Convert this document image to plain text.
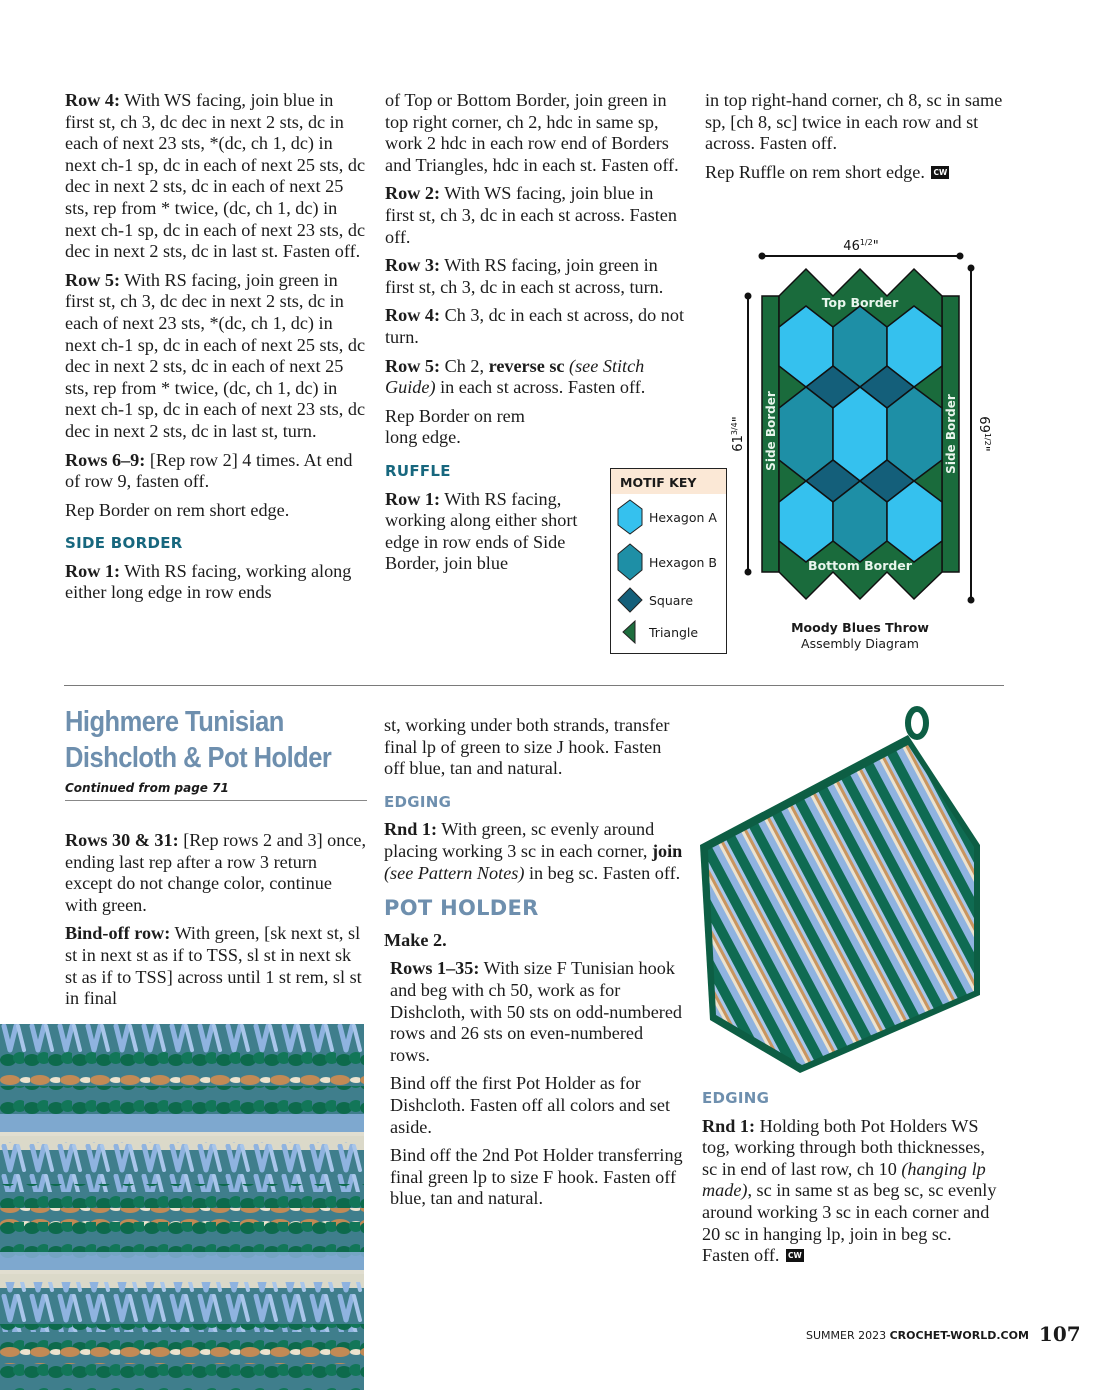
Row 4: With WS facing, join blue in first st, ch 3, dc dec in next 2 sts, dc in each of next 23 sts, *(dc, ch 1, dc) in next ch-1 sp, dc in each of next 25 sts, dc dec in next 2 sts, dc in each of next 25 sts, rep from * twice, (dc, ch 1, dc) in next ch-1 sp, dc in each of next 23 sts, dc dec in next 2 sts, dc in last st. Fasten off.

Row 5: With RS facing, join green in first st, ch 3, dc dec in next 2 sts, dc in each of next 23 sts, *(dc, ch 1, dc) in next ch-1 sp, dc in each of next 25 sts, dc dec in next 2 sts, dc in each of next 25 sts, rep from * twice, (dc, ch 1, dc) in next ch-1 sp, dc in each of next 23 sts, dc dec in next 2 sts, dc in last st, turn.

Rows 6–9: [Rep row 2] 4 times. At end of row 9, fasten off.

Rep Border on rem short edge.

SIDE BORDER

Row 1: With RS facing, working along either long edge in row ends

of Top or Bottom Border, join green in top right corner, ch 2, hdc in same sp, work 2 hdc in each row end of Borders and Triangles, hdc in each st. Fasten off.

Row 2: With WS facing, join blue in first st, ch 3, dc in each st across. Fasten off.

Row 3: With RS facing, join green in first st, ch 3, dc in each st across, turn.

Row 4: Ch 3, dc in each st across, do not turn.

Row 5: Ch 2, reverse sc (see Stitch Guide) in each st across. Fasten off.

Rep Border on rem long edge.

RUFFLE

Row 1: With RS facing, working along either short edge in row ends of Side Border, join blue

in top right-hand corner, ch 8, sc in same sp, [ch 8, sc] twice in each row and st across. Fasten off.

Rep Ruffle on rem short edge. CW

MOTIF KEY
Hexagon A
Hexagon B
Square
Triangle
$46^{1/2}$"
$61^{3/4}$"	$69^{1/2}$"
Top Border
Bottom Border
Side Border	Side Border
Moody Blues Throw
Assembly Diagram
Highmere Tunisian
Dishcloth & Pot Holder
Continued from page 71

Rows 30 & 31: [Rep rows 2 and 3] once, ending last rep after a row 3 return except do not change color, continue with green.

Bind-off row: With green, [sk next st, sl st in next st as if to TSS, sl st in next sk st as if to TSS] across until 1 st rem, sl st in final

st, working under both strands, transfer final lp of green to size J hook. Fasten off blue, tan and natural.

EDGING

Rnd 1: With green, sc evenly around placing working 3 sc in each corner, join (see Pattern Notes) in beg sc. Fasten off.

POT HOLDER

Make 2.

Rows 1–35: With size F Tunisian hook and beg with ch 50, work as for Dishcloth, with 50 sts on odd-numbered rows and 26 sts on even-numbered rows.

Bind off the first Pot Holder as for Dishcloth. Fasten off all colors and set aside.

Bind off the 2nd Pot Holder transferring final green lp to size F hook. Fasten off blue, tan and natural.

EDGING

Rnd 1: Holding both Pot Holders WS tog, working through both thicknesses, sc in end of last row, ch 10 (hanging lp made), sc in same st as beg sc, sc evenly around working 3 sc in each corner and 20 sc in hanging lp, join in beg sc. Fasten off. CW

SUMMER 2023 CROCHET-WORLD.COM 107
